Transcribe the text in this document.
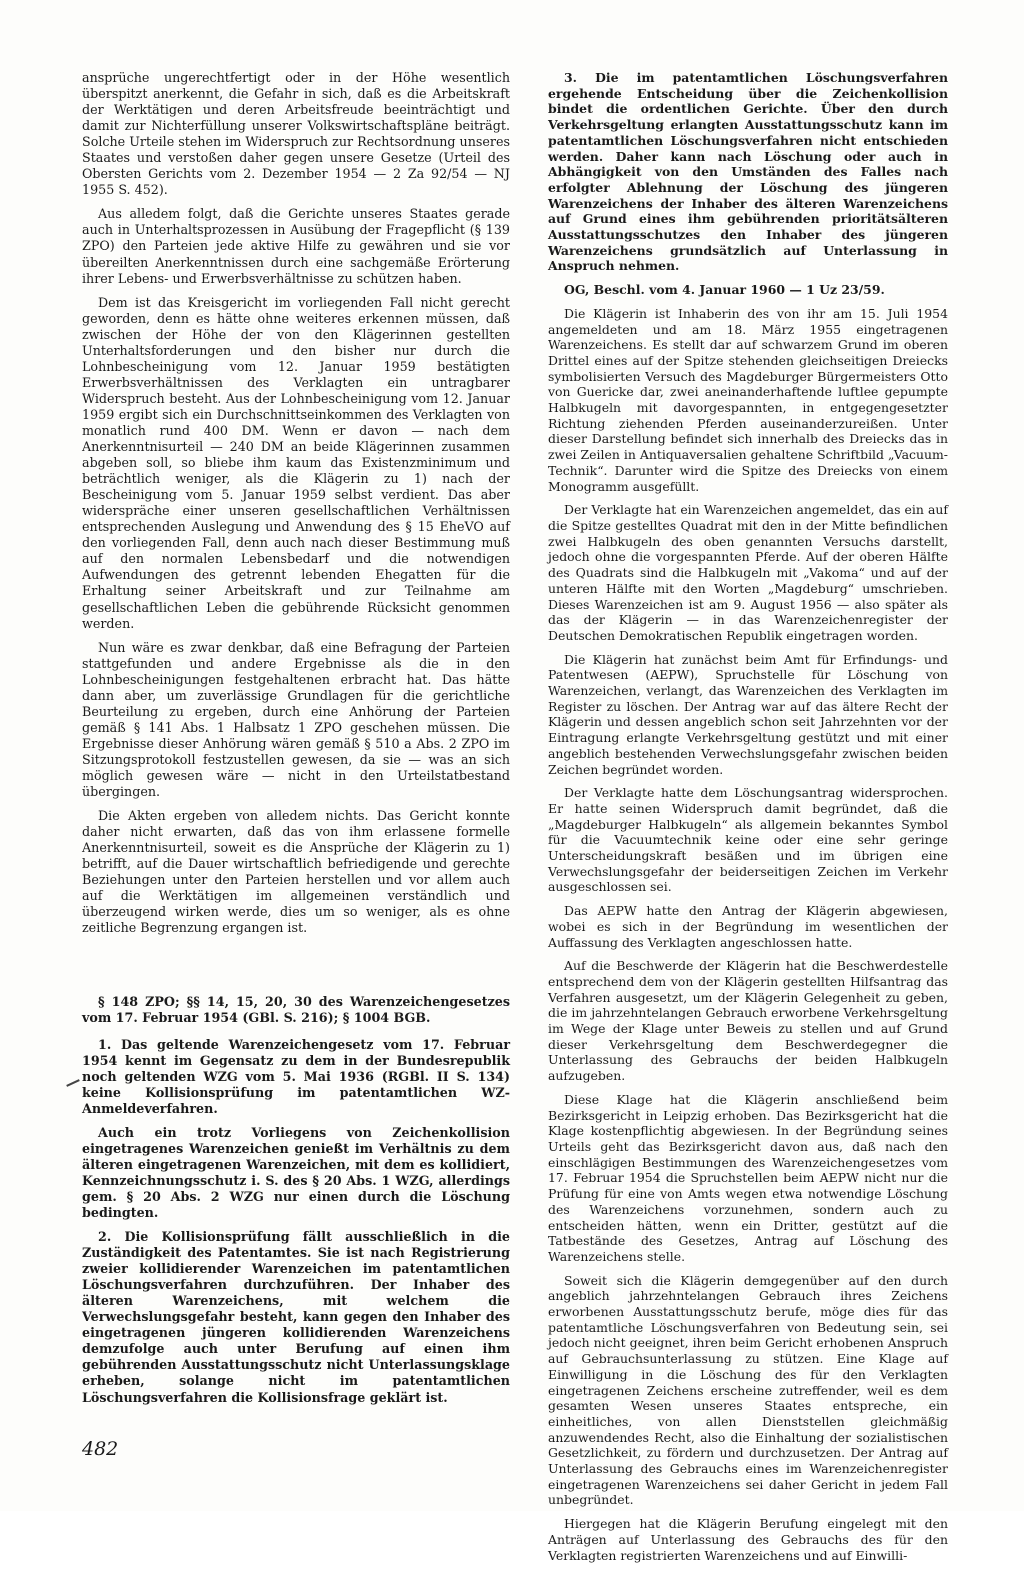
ansprüche ungerechtfertigt oder in der Höhe wesentlich überspitzt anerkennt, die Gefahr in sich, daß es die Arbeitskraft der Werktätigen und deren Arbeitsfreude beeinträchtigt und damit zur Nichterfüllung unserer Volkswirtschaftspläne beiträgt. Solche Urteile stehen im Widerspruch zur Rechtsordnung unseres Staates und verstoßen daher gegen unsere Gesetze (Urteil des Obersten Gerichts vom 2. Dezember 1954 — 2 Za 92/54 — NJ 1955 S. 452).

Aus alledem folgt, daß die Gerichte unseres Staates gerade auch in Unterhaltsprozessen in Ausübung der Fragepflicht (§ 139 ZPO) den Parteien jede aktive Hilfe zu gewähren und sie vor übereilten Anerkenntnissen durch eine sachgemäße Erörterung ihrer Lebens- und Erwerbsverhältnisse zu schützen haben.

Dem ist das Kreisgericht im vorliegenden Fall nicht gerecht geworden, denn es hätte ohne weiteres erkennen müssen, daß zwischen der Höhe der von den Klägerinnen gestellten Unterhaltsforderungen und den bisher nur durch die Lohnbescheinigung vom 12. Januar 1959 bestätigten Erwerbsverhältnissen des Verklagten ein untragbarer Widerspruch besteht. Aus der Lohnbescheinigung vom 12. Januar 1959 ergibt sich ein Durchschnittseinkommen des Verklagten von monatlich rund 400 DM. Wenn er davon — nach dem Anerkenntnisurteil — 240 DM an beide Klägerinnen zusammen abgeben soll, so bliebe ihm kaum das Existenzminimum und beträchtlich weniger, als die Klägerin zu 1) nach der Bescheinigung vom 5. Januar 1959 selbst verdient. Das aber widerspräche einer unseren gesellschaftlichen Verhältnissen entsprechenden Auslegung und Anwendung des § 15 EheVO auf den vorliegenden Fall, denn auch nach dieser Bestimmung muß auf den normalen Lebensbedarf und die notwendigen Aufwendungen des getrennt lebenden Ehegatten für die Erhaltung seiner Arbeitskraft und zur Teilnahme am gesellschaftlichen Leben die gebührende Rücksicht genommen werden.

Nun wäre es zwar denkbar, daß eine Befragung der Parteien stattgefunden und andere Ergebnisse als die in den Lohnbescheinigungen festgehaltenen erbracht hat. Das hätte dann aber, um zuverlässige Grundlagen für die gerichtliche Beurteilung zu ergeben, durch eine Anhörung der Parteien gemäß § 141 Abs. 1 Halbsatz 1 ZPO geschehen müssen. Die Ergebnisse dieser Anhörung wären gemäß § 510 a Abs. 2 ZPO im Sitzungsprotokoll festzustellen gewesen, da sie — was an sich möglich gewesen wäre — nicht in den Urteilstatbestand übergingen.

Die Akten ergeben von alledem nichts. Das Gericht konnte daher nicht erwarten, daß das von ihm erlassene formelle Anerkenntnisurteil, soweit es die Ansprüche der Klägerin zu 1) betrifft, auf die Dauer wirtschaftlich befriedigende und gerechte Beziehungen unter den Parteien herstellen und vor allem auch auf die Werktätigen im allgemeinen verständlich und überzeugend wirken werde, dies um so weniger, als es ohne zeitliche Begrenzung ergangen ist.

§ 148 ZPO; §§ 14, 15, 20, 30 des Warenzeichengesetzes vom 17. Februar 1954 (GBl. S. 216); § 1004 BGB.

1. Das geltende Warenzeichengesetz vom 17. Februar 1954 kennt im Gegensatz zu dem in der Bundesrepublik noch geltenden WZG vom 5. Mai 1936 (RGBl. II S. 134) keine Kollisionsprüfung im patentamtlichen WZ-Anmeldeverfahren.

Auch ein trotz Vorliegens von Zeichenkollision eingetragenes Warenzeichen genießt im Verhältnis zu dem älteren eingetragenen Warenzeichen, mit dem es kollidiert, Kennzeichnungsschutz i. S. des § 20 Abs. 1 WZG, allerdings gem. § 20 Abs. 2 WZG nur einen durch die Löschung bedingten.

2. Die Kollisionsprüfung fällt ausschließlich in die Zuständigkeit des Patentamtes. Sie ist nach Registrierung zweier kollidierender Warenzeichen im patentamtlichen Löschungsverfahren durchzuführen. Der Inhaber des älteren Warenzeichens, mit welchem die Verwechslungsgefahr besteht, kann gegen den Inhaber des eingetragenen jüngeren kollidierenden Warenzeichens demzufolge auch unter Berufung auf einen ihm gebührenden Ausstattungsschutz nicht Unterlassungsklage erheben, solange nicht im patentamtlichen Löschungsverfahren die Kollisionsfrage geklärt ist.

3. Die im patentamtlichen Löschungsverfahren ergehende Entscheidung über die Zeichenkollision bindet die ordentlichen Gerichte. Über den durch Verkehrsgeltung erlangten Ausstattungsschutz kann im patentamtlichen Löschungsverfahren nicht entschieden werden. Daher kann nach Löschung oder auch in Abhängigkeit von den Umständen des Falles nach erfolgter Ablehnung der Löschung des jüngeren Warenzeichens der Inhaber des älteren Warenzeichens auf Grund eines ihm gebührenden prioritätsälteren Ausstattungsschutzes den Inhaber des jüngeren Warenzeichens grundsätzlich auf Unterlassung in Anspruch nehmen.

OG, Beschl. vom 4. Januar 1960 — 1 Uz 23/59.

Die Klägerin ist Inhaberin des von ihr am 15. Juli 1954 angemeldeten und am 18. März 1955 eingetragenen Warenzeichens. Es stellt dar auf schwarzem Grund im oberen Drittel eines auf der Spitze stehenden gleichseitigen Dreiecks symbolisierten Versuch des Magdeburger Bürgermeisters Otto von Guericke dar, zwei aneinanderhaftende luftlee gepumpte Halbkugeln mit davorgespannten, in entgegengesetzter Richtung ziehenden Pferden auseinanderzureißen. Unter dieser Darstellung befindet sich innerhalb des Dreiecks das in zwei Zeilen in Antiquaversalien gehaltene Schriftbild „Vacuum-Technik“. Darunter wird die Spitze des Dreiecks von einem Monogramm ausgefüllt.

Der Verklagte hat ein Warenzeichen angemeldet, das ein auf die Spitze gestelltes Quadrat mit den in der Mitte befindlichen zwei Halbkugeln des oben genannten Versuchs darstellt, jedoch ohne die vorgespannten Pferde. Auf der oberen Hälfte des Quadrats sind die Halbkugeln mit „Vakoma“ und auf der unteren Hälfte mit den Worten „Magdeburg“ umschrieben. Dieses Warenzeichen ist am 9. August 1956 — also später als das der Klägerin — in das Warenzeichenregister der Deutschen Demokratischen Republik eingetragen worden.

Die Klägerin hat zunächst beim Amt für Erfindungs- und Patentwesen (AEPW), Spruchstelle für Löschung von Warenzeichen, verlangt, das Warenzeichen des Verklagten im Register zu löschen. Der Antrag war auf das ältere Recht der Klägerin und dessen angeblich schon seit Jahrzehnten vor der Eintragung erlangte Verkehrsgeltung gestützt und mit einer angeblich bestehenden Verwechslungsgefahr zwischen beiden Zeichen begründet worden.

Der Verklagte hatte dem Löschungsantrag widersprochen. Er hatte seinen Widerspruch damit begründet, daß die „Magdeburger Halbkugeln“ als allgemein bekanntes Symbol für die Vacuumtechnik keine oder eine sehr geringe Unterscheidungskraft besäßen und im übrigen eine Verwechslungsgefahr der beiderseitigen Zeichen im Verkehr ausgeschlossen sei.

Das AEPW hatte den Antrag der Klägerin abgewiesen, wobei es sich in der Begründung im wesentlichen der Auffassung des Verklagten angeschlossen hatte.

Auf die Beschwerde der Klägerin hat die Beschwerdestelle entsprechend dem von der Klägerin gestellten Hilfsantrag das Verfahren ausgesetzt, um der Klägerin Gelegenheit zu geben, die im jahrzehntelangen Gebrauch erworbene Verkehrsgeltung im Wege der Klage unter Beweis zu stellen und auf Grund dieser Verkehrsgeltung dem Beschwerdegegner die Unterlassung des Gebrauchs der beiden Halbkugeln aufzugeben.

Diese Klage hat die Klägerin anschließend beim Bezirksgericht in Leipzig erhoben. Das Bezirksgericht hat die Klage kostenpflichtig abgewiesen. In der Begründung seines Urteils geht das Bezirksgericht davon aus, daß nach den einschlägigen Bestimmungen des Warenzeichengesetzes vom 17. Februar 1954 die Spruchstellen beim AEPW nicht nur die Prüfung für eine von Amts wegen etwa notwendige Löschung des Warenzeichens vorzunehmen, sondern auch zu entscheiden hätten, wenn ein Dritter, gestützt auf die Tatbestände des Gesetzes, Antrag auf Löschung des Warenzeichens stelle.

Soweit sich die Klägerin demgegenüber auf den durch angeblich jahrzehntelangen Gebrauch ihres Zeichens erworbenen Ausstattungsschutz berufe, möge dies für das patentamtliche Löschungsverfahren von Bedeutung sein, sei jedoch nicht geeignet, ihren beim Gericht erhobenen Anspruch auf Gebrauchsunterlassung zu stützen. Eine Klage auf Einwilligung in die Löschung des für den Verklagten eingetragenen Zeichens erscheine zutreffender, weil es dem gesamten Wesen unseres Staates entspreche, ein einheitliches, von allen Dienststellen gleichmäßig anzuwendendes Recht, also die Einhaltung der sozialistischen Gesetzlichkeit, zu fördern und durchzusetzen. Der Antrag auf Unterlassung des Gebrauchs eines im Warenzeichenregister eingetragenen Warenzeichens sei daher Gericht in jedem Fall unbegründet.

Hiergegen hat die Klägerin Berufung eingelegt mit den Anträgen auf Unterlassung des Gebrauchs des für den Verklagten registrierten Warenzeichens und auf Einwilli-

482
